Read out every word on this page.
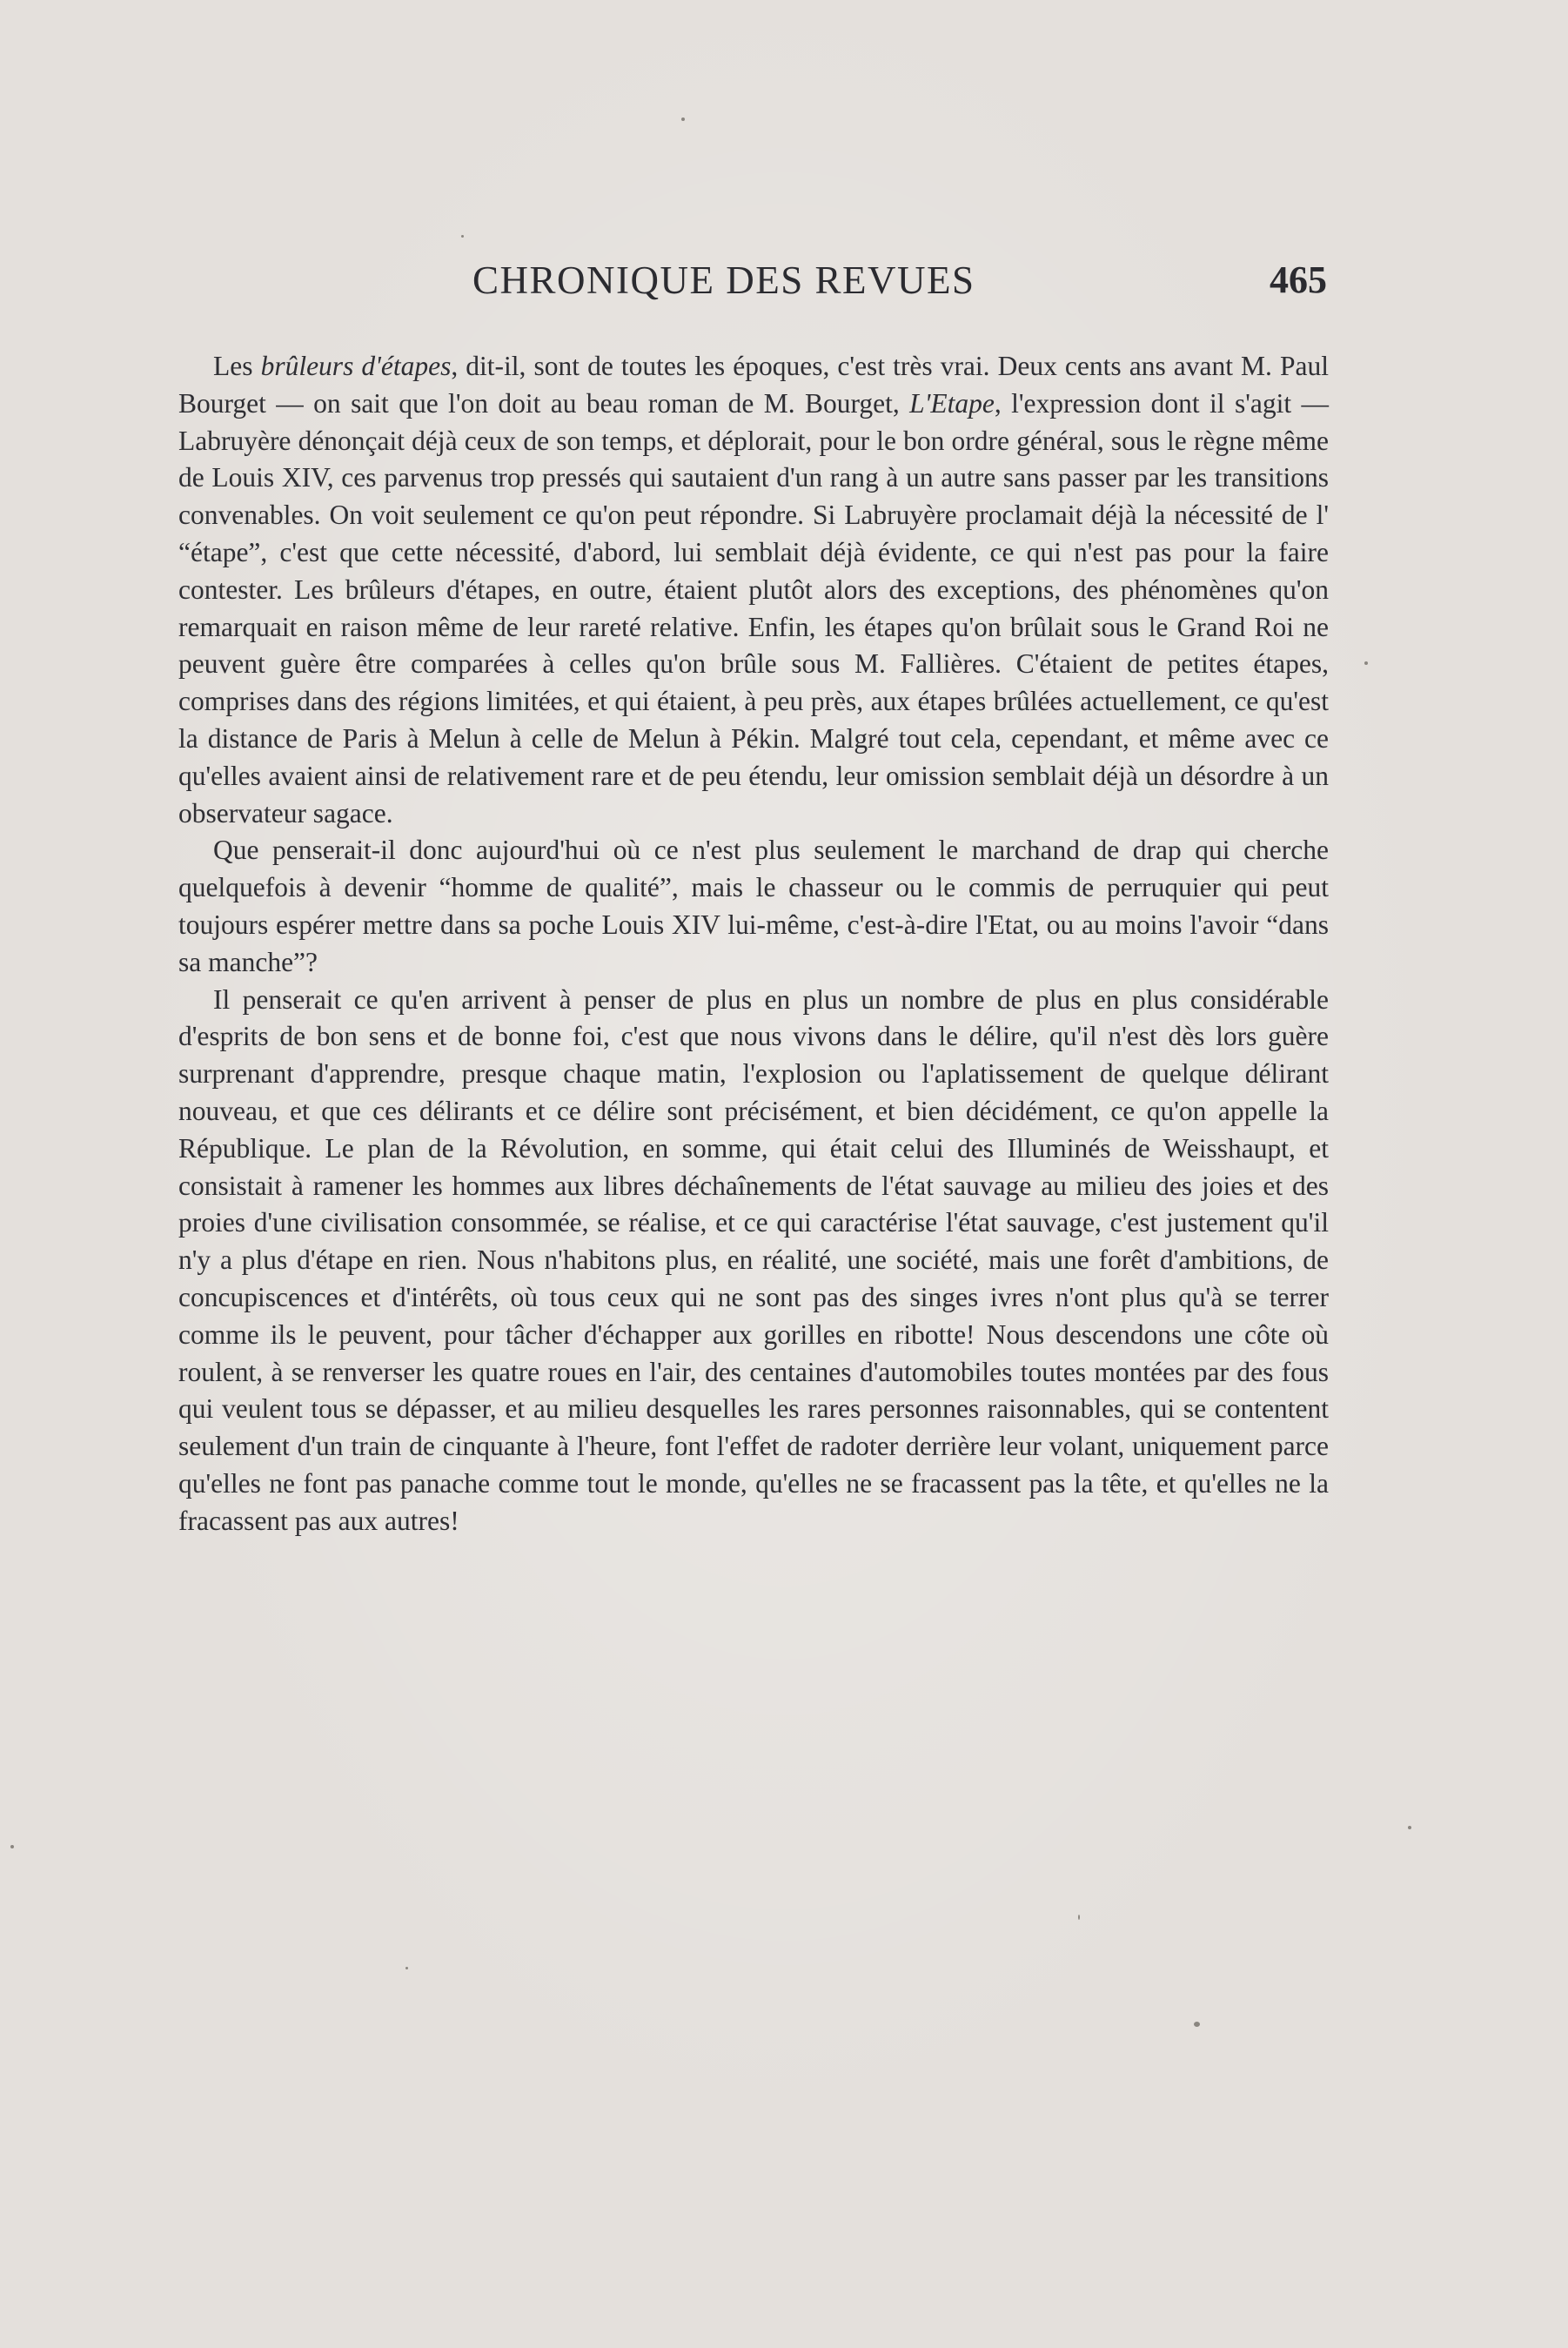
CHRONIQUE DES REVUES	465

Les brûleurs d'étapes, dit-il, sont de toutes les époques, c'est très vrai. Deux cents ans avant M. Paul Bourget — on sait que l'on doit au beau roman de M. Bourget, L'Etape, l'expression dont il s'agit — Labruyère dénonçait déjà ceux de son temps, et déplorait, pour le bon ordre général, sous le règne même de Louis XIV, ces parvenus trop pressés qui sautaient d'un rang à un autre sans passer par les transitions convenables. On voit seulement ce qu'on peut répondre. Si Labruyère proclamait déjà la nécessité de l' “étape”, c'est que cette nécessité, d'abord, lui semblait déjà évidente, ce qui n'est pas pour la faire contester. Les brûleurs d'étapes, en outre, étaient plutôt alors des exceptions, des phénomènes qu'on remarquait en raison même de leur rareté relative. Enfin, les étapes qu'on brûlait sous le Grand Roi ne peuvent guère être comparées à celles qu'on brûle sous M. Fallières. C'étaient de petites étapes, comprises dans des régions limitées, et qui étaient, à peu près, aux étapes brûlées actuellement, ce qu'est la distance de Paris à Melun à celle de Melun à Pékin. Malgré tout cela, cependant, et même avec ce qu'elles avaient ainsi de relativement rare et de peu étendu, leur omission semblait déjà un désordre à un observateur sagace.

Que penserait-il donc aujourd'hui où ce n'est plus seulement le marchand de drap qui cherche quelquefois à devenir “homme de qualité”, mais le chasseur ou le commis de perruquier qui peut toujours espérer mettre dans sa poche Louis XIV lui-même, c'est-à-dire l'Etat, ou au moins l'avoir “dans sa manche”?

Il penserait ce qu'en arrivent à penser de plus en plus un nombre de plus en plus considérable d'esprits de bon sens et de bonne foi, c'est que nous vivons dans le délire, qu'il n'est dès lors guère surprenant d'apprendre, presque chaque matin, l'explosion ou l'aplatissement de quelque délirant nouveau, et que ces délirants et ce délire sont précisément, et bien décidément, ce qu'on appelle la République. Le plan de la Révolution, en somme, qui était celui des Illuminés de Weisshaupt, et consistait à ramener les hommes aux libres déchaînements de l'état sauvage au milieu des joies et des proies d'une civilisation consommée, se réalise, et ce qui caractérise l'état sauvage, c'est justement qu'il n'y a plus d'étape en rien. Nous n'habitons plus, en réalité, une société, mais une forêt d'ambitions, de concupiscences et d'intérêts, où tous ceux qui ne sont pas des singes ivres n'ont plus qu'à se terrer comme ils le peuvent, pour tâcher d'échapper aux gorilles en ribotte! Nous descendons une côte où roulent, à se renverser les quatre roues en l'air, des centaines d'automobiles toutes montées par des fous qui veulent tous se dépasser, et au milieu desquelles les rares personnes raisonnables, qui se contentent seulement d'un train de cinquante à l'heure, font l'effet de radoter derrière leur volant, uniquement parce qu'elles ne font pas panache comme tout le monde, qu'elles ne se fracassent pas la tête, et qu'elles ne la fracassent pas aux autres!
